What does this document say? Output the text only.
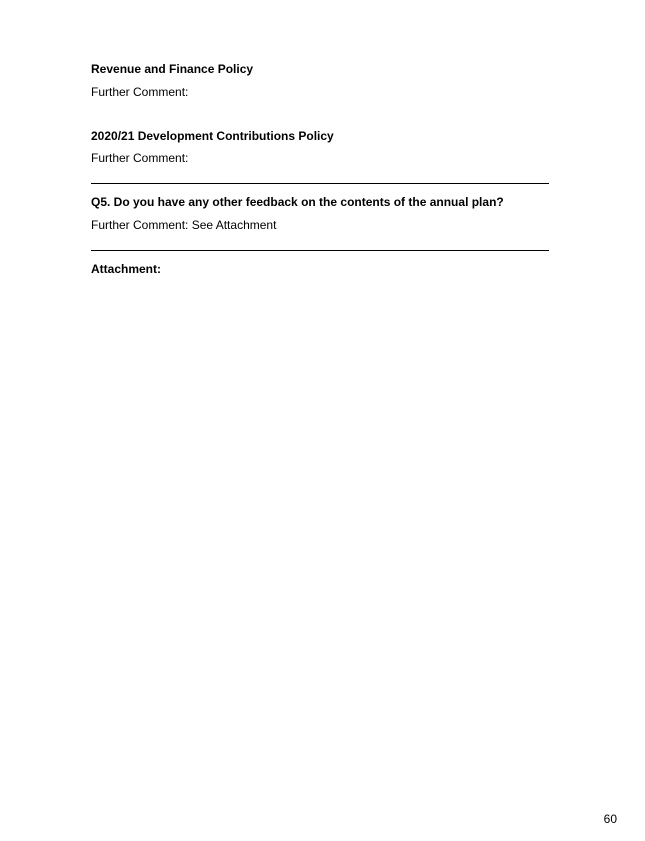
Revenue and Finance Policy
Further Comment:
2020/21 Development Contributions Policy
Further Comment:
Q5. Do you have any other feedback on the contents of the annual plan?
Further Comment: See Attachment
Attachment:
60
